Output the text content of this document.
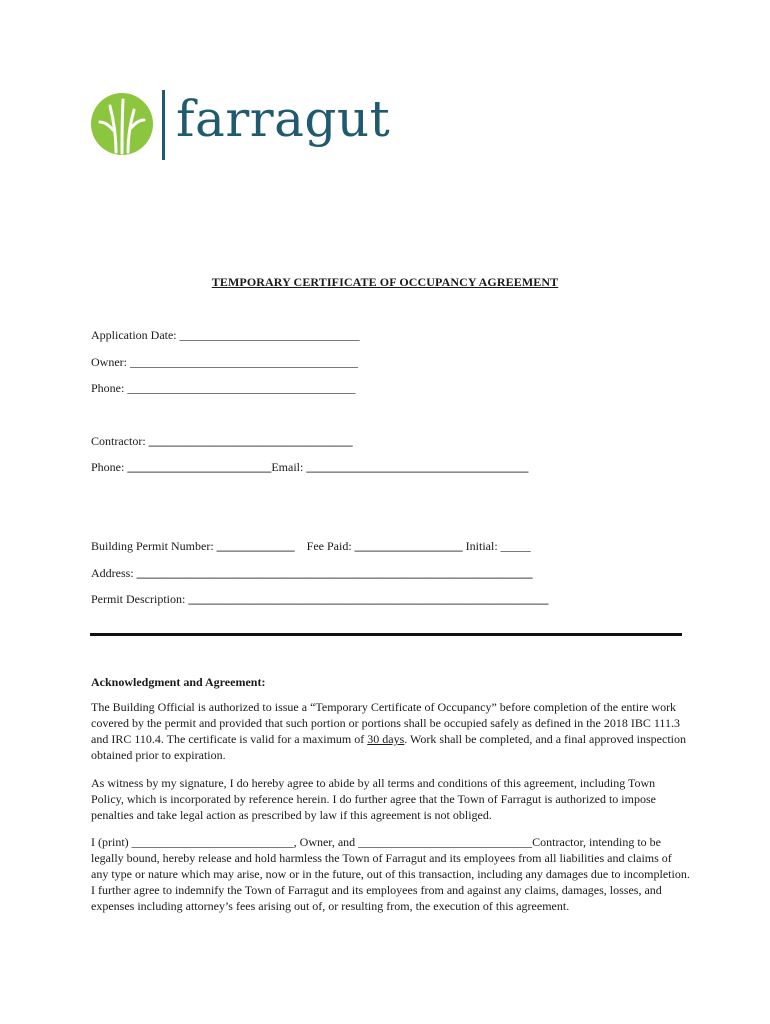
farragut
TEMPORARY CERTIFICATE OF OCCUPANCY AGREEMENT
Application Date: ______________________________
Owner: ______________________________________
Phone: ______________________________________
Contractor: __________________________________
Phone: ________________________Email: _____________________________________
Building Permit Number: _____________ Fee Paid: __________________ Initial: _____
Address: __________________________________________________________________
Permit Description: ____________________________________________________________
Acknowledgment and Agreement:

The Building Official is authorized to issue a “Temporary Certificate of Occupancy” before completion of the entire work covered by the permit and provided that such portion or portions shall be occupied safely as defined in the 2018 IBC 111.3 and IRC 110.4. The certificate is valid for a maximum of 30 days. Work shall be completed, and a final approved inspection obtained prior to expiration.

As witness by my signature, I do hereby agree to abide by all terms and conditions of this agreement, including Town Policy, which is incorporated by reference herein. I do further agree that the Town of Farragut is authorized to impose penalties and take legal action as prescribed by law if this agreement is not obliged.

I (print) ___________________________, Owner, and _____________________________Contractor, intending to be legally bound, hereby release and hold harmless the Town of Farragut and its employees from all liabilities and claims of any type or nature which may arise, now or in the future, out of this transaction, including any damages due to incompletion. I further agree to indemnify the Town of Farragut and its employees from and against any claims, damages, losses, and expenses including attorney’s fees arising out of, or resulting from, the execution of this agreement.
